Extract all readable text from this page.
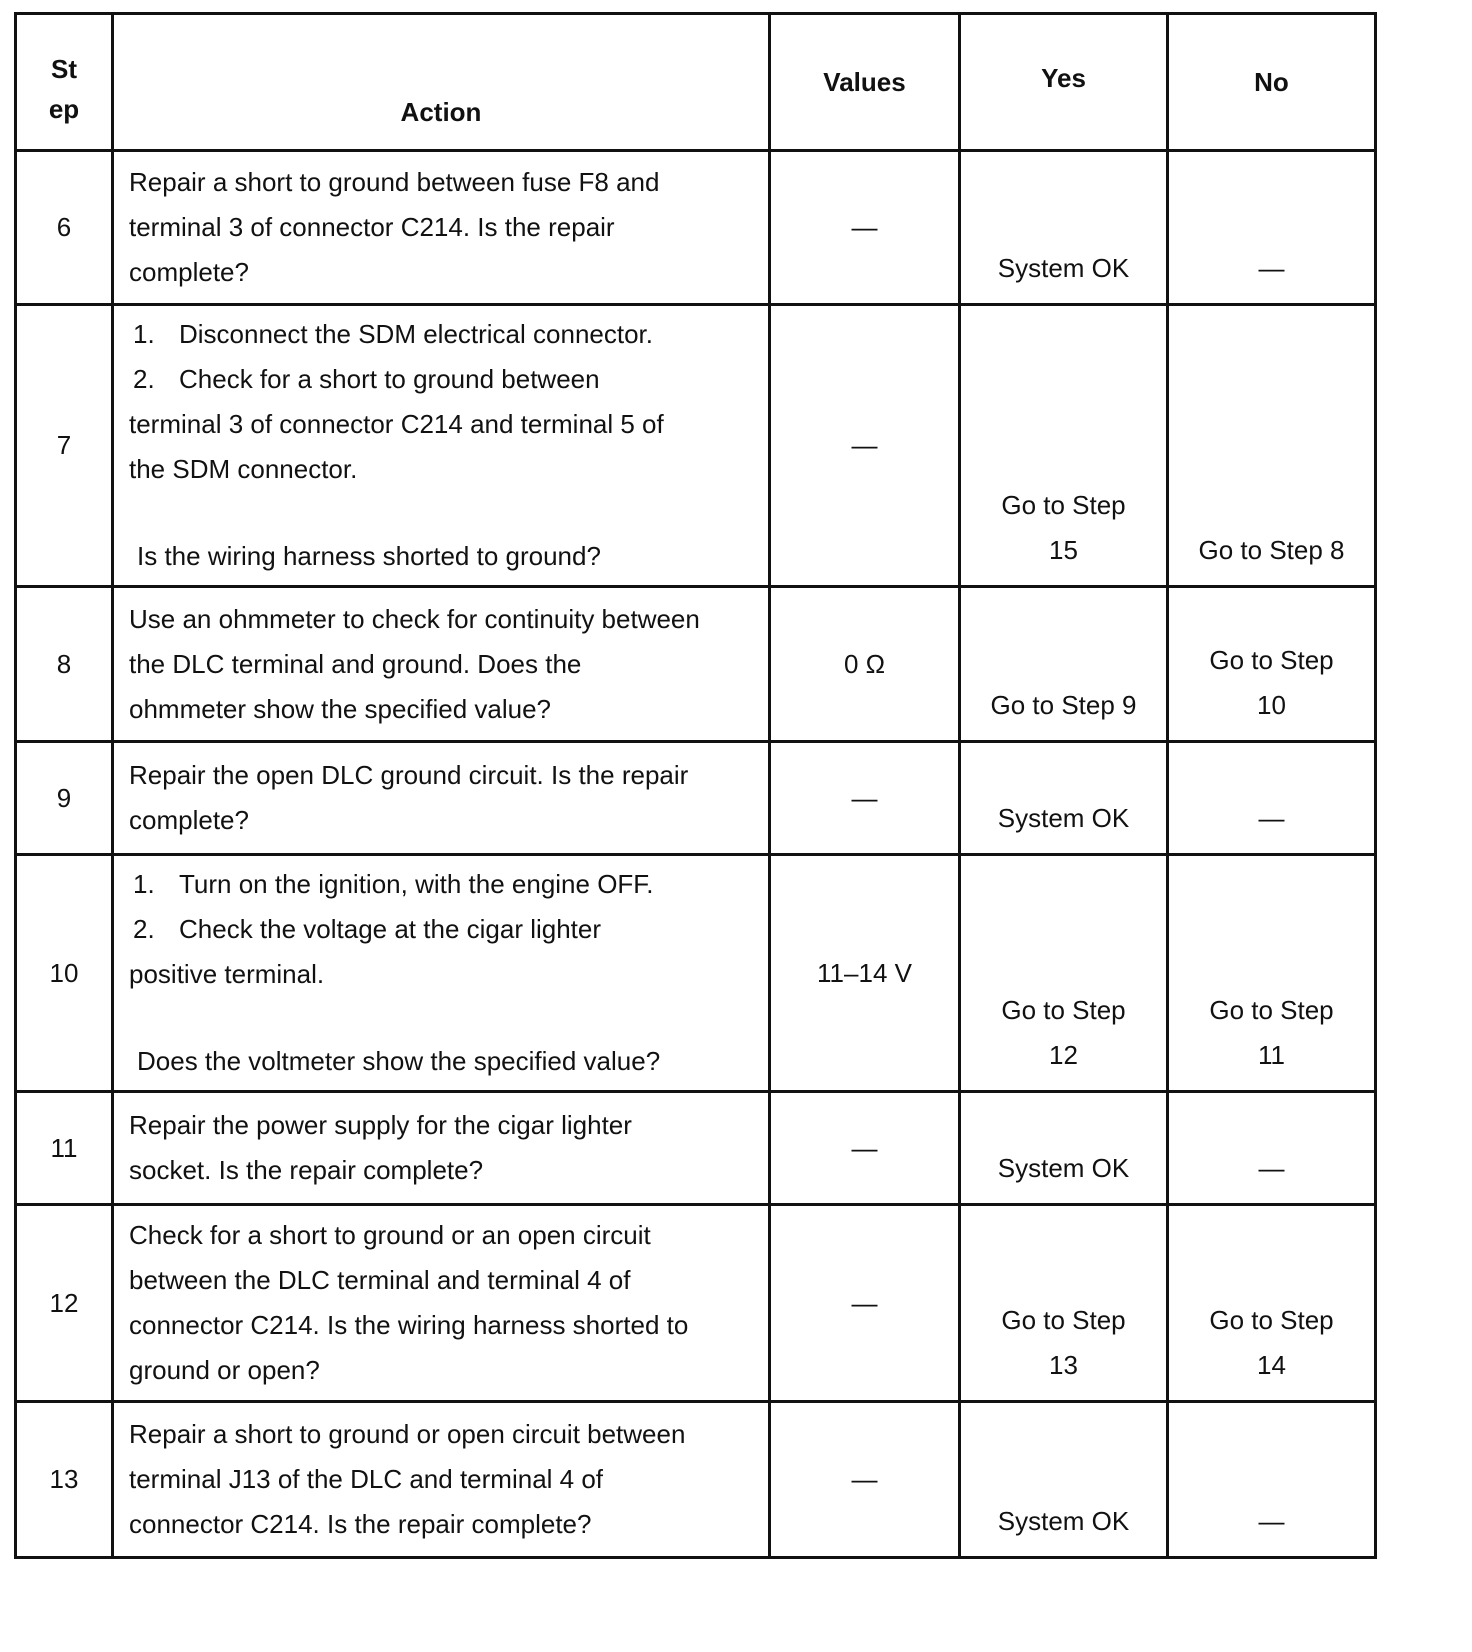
St
ep	Action	Values	Yes	No
6	Repair a short to ground between fuse F8 and
terminal 3 of connector C214. Is the repair
complete?	—	System OK	—

7	1. Disconnect the SDM electrical connector.
2. Check for a short to ground between
terminal 3 of connector C214 and terminal 5 of
the SDM connector.
Is the wiring harness shorted to ground?	—	Go to Step
15	Go to Step 8

8	Use an ohmmeter to check for continuity between
the DLC terminal and ground. Does the
ohmmeter show the specified value?	0 Ω	Go to Step 9	Go to Step
10

9	Repair the open DLC ground circuit. Is the repair
complete?	—	System OK	—

10	1. Turn on the ignition, with the engine OFF.
2. Check the voltage at the cigar lighter
positive terminal.
Does the voltmeter show the specified value?	11–14 V	Go to Step
12	Go to Step
11

11	Repair the power supply for the cigar lighter
socket. Is the repair complete?	—	System OK	—

12	Check for a short to ground or an open circuit
between the DLC terminal and terminal 4 of
connector C214. Is the wiring harness shorted to
ground or open?	—	Go to Step
13	Go to Step
14

13	Repair a short to ground or open circuit between
terminal J13 of the DLC and terminal 4 of
connector C214. Is the repair complete?	—	System OK	—
